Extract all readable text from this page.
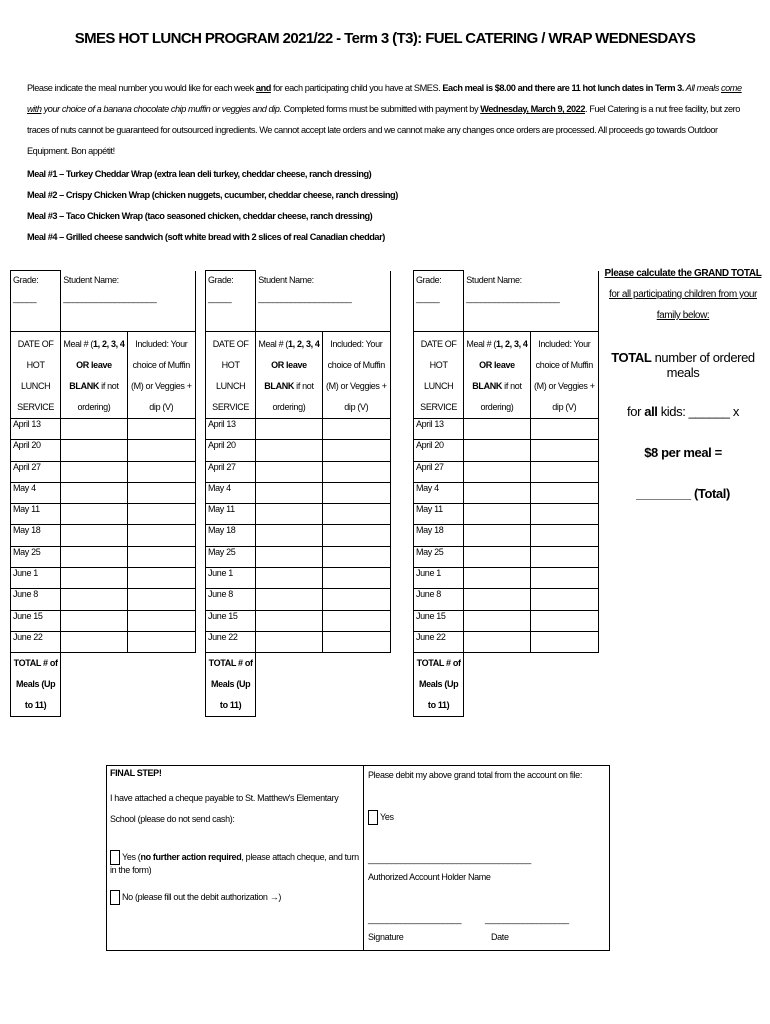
SMES HOT LUNCH PROGRAM 2021/22 - Term 3 (T3): FUEL CATERING / WRAP WEDNESDAYS
Please indicate the meal number you would like for each week and for each participating child you have at SMES. Each meal is $8.00 and there are 11 hot lunch dates in Term 3. All meals come with your choice of a banana chocolate chip muffin or veggies and dip. Completed forms must be submitted with payment by Wednesday, March 9, 2022. Fuel Catering is a nut free facility, but zero traces of nuts cannot be guaranteed for outsourced ingredients. We cannot accept late orders and we cannot make any changes once orders are processed. All proceeds go towards Outdoor Equipment. Bon appétit!
Meal #1 – Turkey Cheddar Wrap (extra lean deli turkey, cheddar cheese, ranch dressing)
Meal #2 – Crispy Chicken Wrap (chicken nuggets, cucumber, cheddar cheese, ranch dressing)
Meal #3 – Taco Chicken Wrap (taco seasoned chicken, cheddar cheese, ranch dressing)
Meal #4 – Grilled cheese sandwich (soft white bread with 2 slices of real Canadian cheddar)
Grade:
_____	Student Name:
____________________	

DATE OF HOT LUNCH SERVICE	Meal # (1, 2, 3, 4 OR leave BLANK if not ordering)	Included: Your choice of Muffin (M) or Veggies + dip (V)
April 13		
April 20		
April 27		
May 4		
May 11		
May 18		
May 25		
June 1		
June 8		
June 15		
June 22		
TOTAL # of Meals (Up to 11)		
Grade:
_____	Student Name:
____________________	

DATE OF HOT LUNCH SERVICE	Meal # (1, 2, 3, 4 OR leave BLANK if not ordering)	Included: Your choice of Muffin (M) or Veggies + dip (V)
April 13		
April 20		
April 27		
May 4		
May 11		
May 18		
May 25		
June 1		
June 8		
June 15		
June 22		
TOTAL # of Meals (Up to 11)		
Grade:
_____	Student Name:
____________________	

DATE OF HOT LUNCH SERVICE	Meal # (1, 2, 3, 4 OR leave BLANK if not ordering)	Included: Your choice of Muffin (M) or Veggies + dip (V)
April 13		
April 20		
April 27		
May 4		
May 11		
May 18		
May 25		
June 1		
June 8		
June 15		
June 22		
TOTAL # of Meals (Up to 11)		
Please calculate the GRAND TOTAL for all participating children from your family below:
TOTAL number of ordered meals
for all kids: ______ x
$8 per meal =
________ (Total)
FINAL STEP!
I have attached a cheque payable to St. Matthew's Elementary School (please do not send cash):
Yes (no further action required, please attach cheque, and turn in the form)
No (please fill out the debit authorization →)
Please debit my above grand total from the account on file:
Yes
___________________________________
Authorized Account Holder Name
____________________	__________________
Signature	Date
